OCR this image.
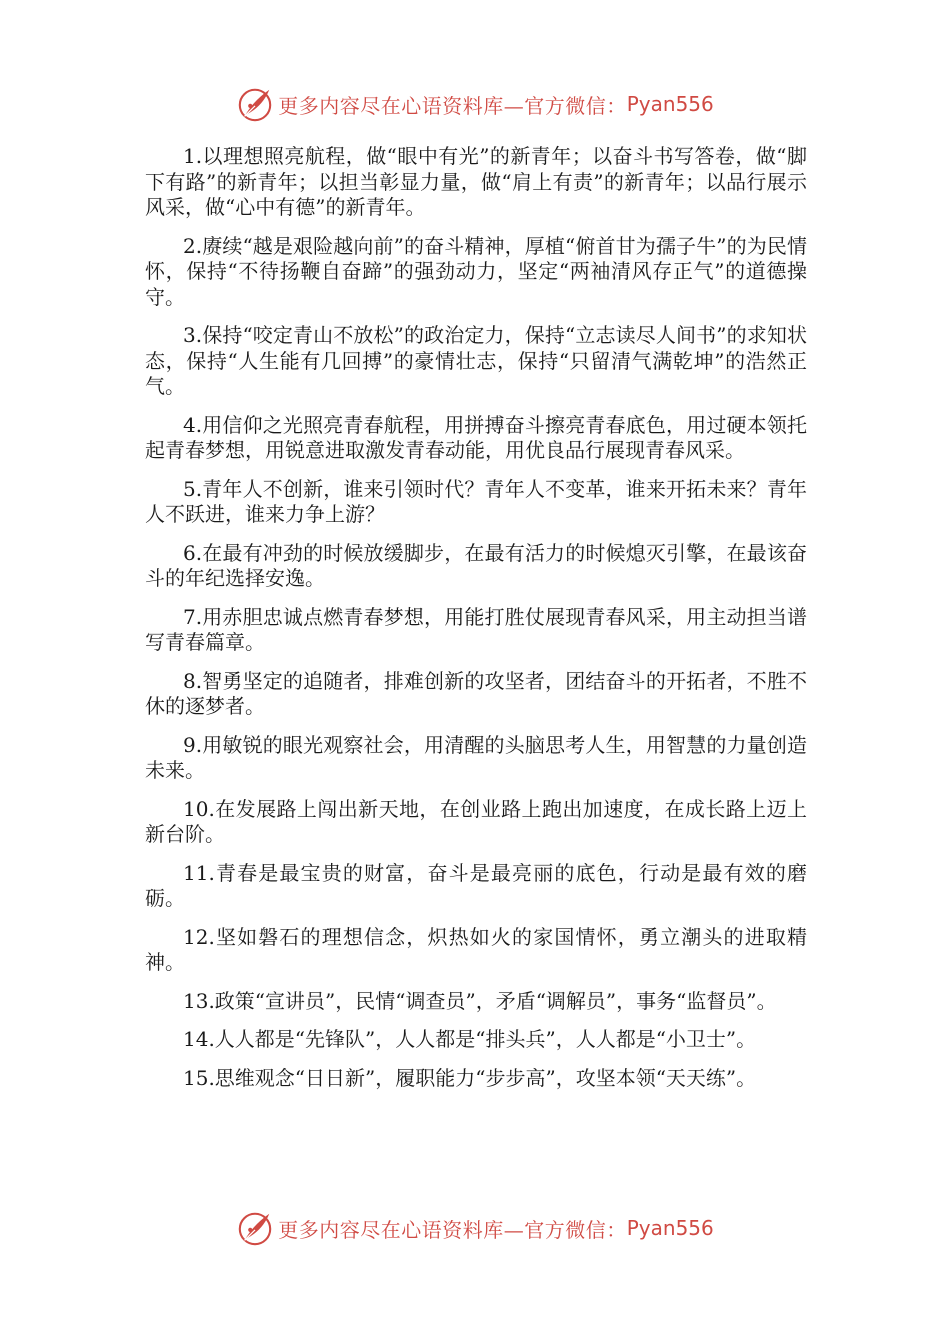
更多内容尽在心语资料库—官方微信： Pyan556

1.以理想照亮航程，做“眼中有光”的新青年；以奋斗书写答卷，做“脚下有路”的新青年；以担当彰显力量，做“肩上有责”的新青年；以品行展示风采，做“心中有德”的新青年。

2.赓续“越是艰险越向前”的奋斗精神，厚植“俯首甘为孺子牛”的为民情怀，保持“不待扬鞭自奋蹄”的强劲动力，坚定“两袖清风存正气”的道德操守。

3.保持“咬定青山不放松”的政治定力，保持“立志读尽人间书”的求知状态，保持“人生能有几回搏”的豪情壮志，保持“只留清气满乾坤”的浩然正气。

4.用信仰之光照亮青春航程，用拼搏奋斗擦亮青春底色，用过硬本领托起青春梦想，用锐意进取激发青春动能，用优良品行展现青春风采。

5.青年人不创新，谁来引领时代？青年人不变革，谁来开拓未来？青年人不跃进，谁来力争上游？

6.在最有冲劲的时候放缓脚步，在最有活力的时候熄灭引擎，在最该奋斗的年纪选择安逸。

7.用赤胆忠诚点燃青春梦想，用能打胜仗展现青春风采，用主动担当谱写青春篇章。

8.智勇坚定的追随者，排难创新的攻坚者，团结奋斗的开拓者，不胜不休的逐梦者。

9.用敏锐的眼光观察社会，用清醒的头脑思考人生，用智慧的力量创造未来。

10.在发展路上闯出新天地，在创业路上跑出加速度，在成长路上迈上新台阶。

11.青春是最宝贵的财富，奋斗是最亮丽的底色，行动是最有效的磨砺。

12.坚如磐石的理想信念，炽热如火的家国情怀，勇立潮头的进取精神。

13.政策“宣讲员”，民情“调查员”，矛盾“调解员”，事务“监督员”。

14.人人都是“先锋队”，人人都是“排头兵”，人人都是“小卫士”。

15.思维观念“日日新”，履职能力“步步高”，攻坚本领“天天练”。

更多内容尽在心语资料库—官方微信： Pyan556
